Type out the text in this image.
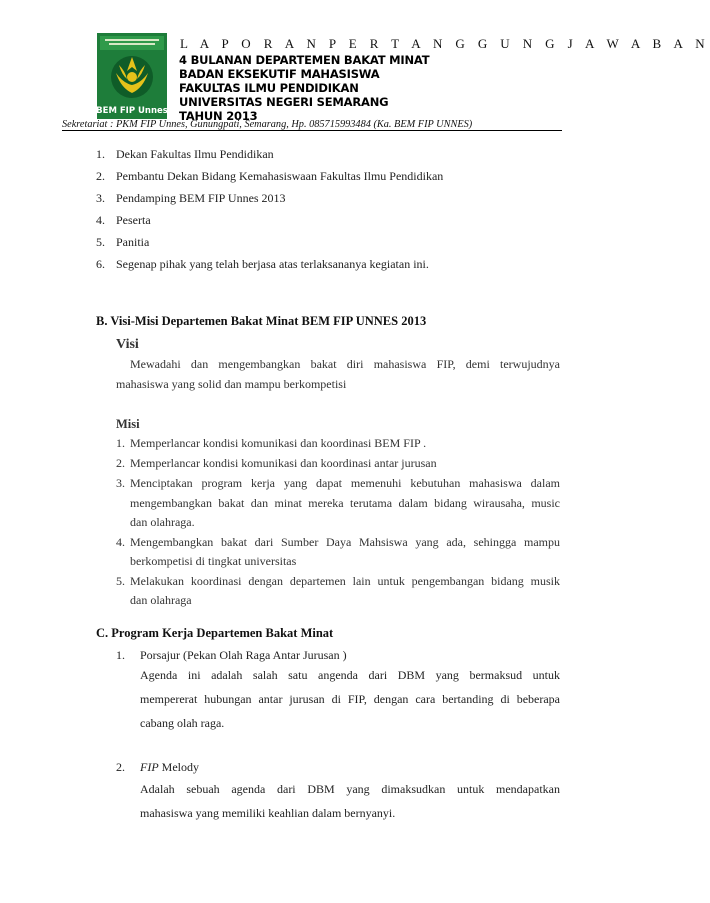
BEM FIP Unnes
L A P O R A N P E R T A N G G U N G J A W A B A N
4 BULANAN DEPARTEMEN BAKAT MINAT
BADAN EKSEKUTIF MAHASISWA
FAKULTAS ILMU PENDIDIKAN
UNIVERSITAS NEGERI SEMARANG
TAHUN 2013
Sekretariat : PKM FIP Unnes, Gunungpati, Semarang, Hp. 085715993484 (Ka. BEM FIP UNNES)
1. Dekan Fakultas Ilmu Pendidikan
2. Pembantu Dekan Bidang Kemahasiswaan Fakultas Ilmu Pendidikan
3. Pendamping BEM FIP Unnes 2013
4. Peserta
5. Panitia
6. Segenap pihak yang telah berjasa atas terlaksananya kegiatan ini.
B. Visi-Misi Departemen Bakat Minat BEM FIP UNNES 2013
Visi
Mewadahi dan mengembangkan bakat diri mahasiswa FIP, demi terwujudnya
mahasiswa yang solid dan mampu berkompetisi
Misi
1. Memperlancar kondisi komunikasi dan koordinasi BEM FIP .
2. Memperlancar kondisi komunikasi dan koordinasi antar jurusan
3. Menciptakan program kerja yang dapat memenuhi kebutuhan mahasiswa dalam
mengembangkan bakat dan minat mereka terutama dalam bidang wirausaha, music
dan olahraga.
4. Mengembangkan bakat dari Sumber Daya Mahsiswa yang ada, sehingga mampu
berkompetisi di tingkat universitas
5. Melakukan koordinasi dengan departemen lain untuk pengembangan bidang musik
dan olahraga
C. Program Kerja Departemen Bakat Minat
1. Porsajur (Pekan Olah Raga Antar Jurusan )
Agenda ini adalah salah satu angenda dari DBM yang bermaksud untuk
mempererat hubungan antar jurusan di FIP, dengan cara bertanding di beberapa
cabang olah raga.
2. FIP Melody
Adalah sebuah agenda dari DBM yang dimaksudkan untuk mendapatkan
mahasiswa yang memiliki keahlian dalam bernyanyi.
